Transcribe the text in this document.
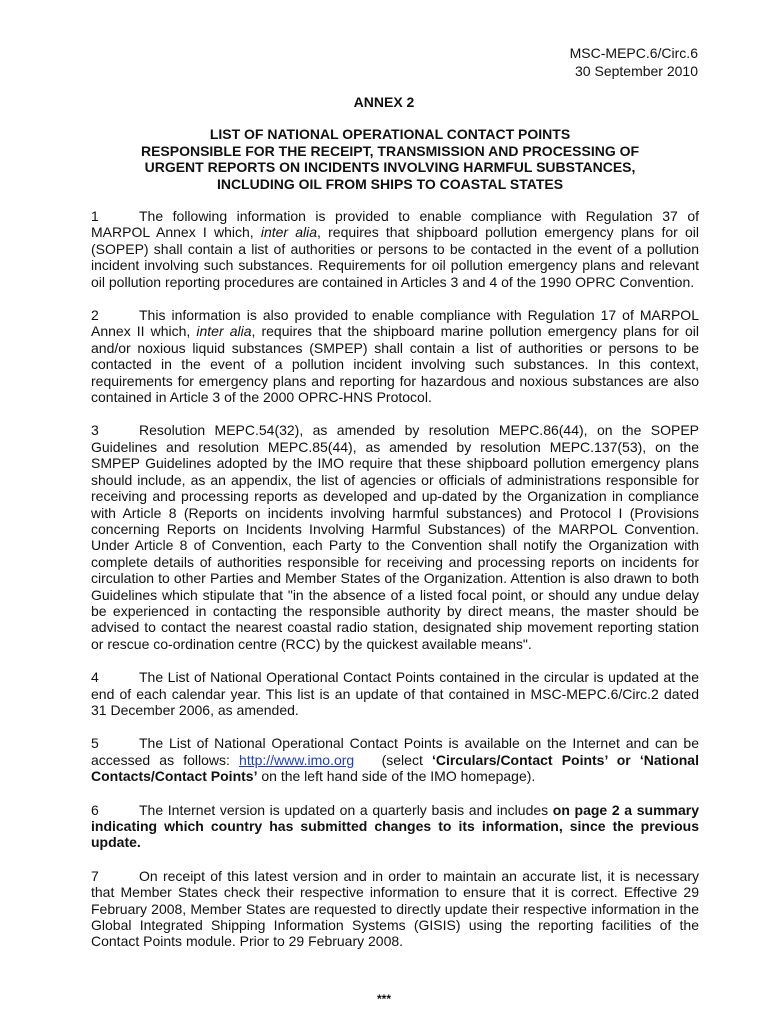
MSC-MEPC.6/Circ.6
30 September 2010
ANNEX 2
LIST OF NATIONAL OPERATIONAL CONTACT POINTS
RESPONSIBLE FOR THE RECEIPT, TRANSMISSION AND PROCESSING OF
URGENT REPORTS ON INCIDENTS INVOLVING HARMFUL SUBSTANCES,
INCLUDING OIL FROM SHIPS TO COASTAL STATES

1	The following information is provided to enable compliance with Regulation 37 of MARPOL Annex I which, inter alia, requires that shipboard pollution emergency plans for oil (SOPEP) shall contain a list of authorities or persons to be contacted in the event of a pollution incident involving such substances. Requirements for oil pollution emergency plans and relevant oil pollution reporting procedures are contained in Articles 3 and 4 of the 1990 OPRC Convention.

2	This information is also provided to enable compliance with Regulation 17 of MARPOL Annex II which, inter alia, requires that the shipboard marine pollution emergency plans for oil and/or noxious liquid substances (SMPEP) shall contain a list of authorities or persons to be contacted in the event of a pollution incident involving such substances. In this context, requirements for emergency plans and reporting for hazardous and noxious substances are also contained in Article 3 of the 2000 OPRC-HNS Protocol.

3	Resolution MEPC.54(32), as amended by resolution MEPC.86(44), on the SOPEP Guidelines and resolution MEPC.85(44), as amended by resolution MEPC.137(53), on the SMPEP Guidelines adopted by the IMO require that these shipboard pollution emergency plans should include, as an appendix, the list of agencies or officials of administrations responsible for receiving and processing reports as developed and up-dated by the Organization in compliance with Article 8 (Reports on incidents involving harmful substances) and Protocol I (Provisions concerning Reports on Incidents Involving Harmful Substances) of the MARPOL Convention. Under Article 8 of Convention, each Party to the Convention shall notify the Organization with complete details of authorities responsible for receiving and processing reports on incidents for circulation to other Parties and Member States of the Organization. Attention is also drawn to both Guidelines which stipulate that "in the absence of a listed focal point, or should any undue delay be experienced in contacting the responsible authority by direct means, the master should be advised to contact the nearest coastal radio station, designated ship movement reporting station or rescue co-ordination centre (RCC) by the quickest available means".

4	The List of National Operational Contact Points contained in the circular is updated at the end of each calendar year. This list is an update of that contained in MSC-MEPC.6/Circ.2 dated 31 December 2006, as amended.

5	The List of National Operational Contact Points is available on the Internet and can be accessed as follows: http://www.imo.org   (select ‘Circulars/Contact Points’ or ‘National Contacts/Contact Points’ on the left hand side of the IMO homepage).

6	The Internet version is updated on a quarterly basis and includes on page 2 a summary indicating which country has submitted changes to its information, since the previous update.

7	On receipt of this latest version and in order to maintain an accurate list, it is necessary that Member States check their respective information to ensure that it is correct. Effective 29 February 2008, Member States are requested to directly update their respective information in the Global Integrated Shipping Information Systems (GISIS) using the reporting facilities of the Contact Points module. Prior to 29 February 2008.

***
